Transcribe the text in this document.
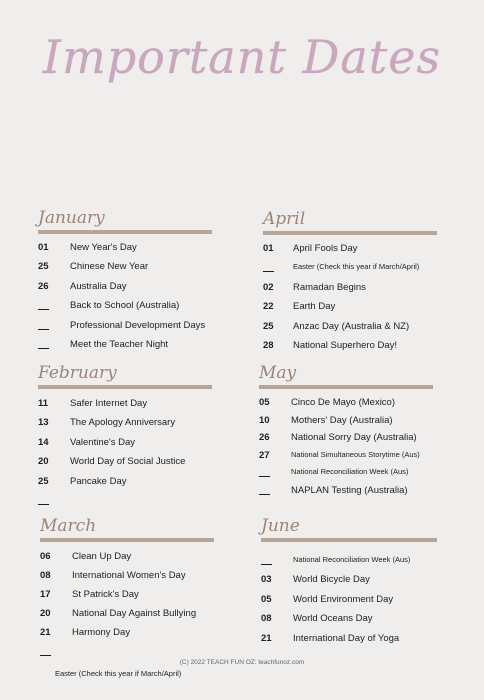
Important Dates
January
01	New Year's Day
25	Chinese New Year
26	Australia Day
Back to School (Australia)
Professional Development Days
Meet the Teacher Night
April
01	April Fools Day
Easter (Check this year if March/April)
02	Ramadan Begins
22	Earth Day
25	Anzac Day (Australia & NZ)
28	National Superhero Day!
February
11	Safer Internet Day
13	The Apology Anniversary
14	Valentine's Day
20	World Day of Social Justice
25	Pancake Day
May
05	Cinco De Mayo (Mexico)
10	Mothers' Day (Australia)
26	National Sorry Day (Australia)
27	National Simultaneous Storytime (Aus)
National Reconciliation Week (Aus)
NAPLAN Testing (Australia)
March
06	Clean Up Day
08	International Women's Day
17	St Patrick's Day
20	National Day Against Bullying
21	Harmony Day
Easter (Check this year if March/April)
June
National Reconciliation Week (Aus)
03	World Bicycle Day
05	World Environment Day
08	World Oceans Day
21	International Day of Yoga
(C) 2022 TEACH FUN OZ: teachfunoz.com
